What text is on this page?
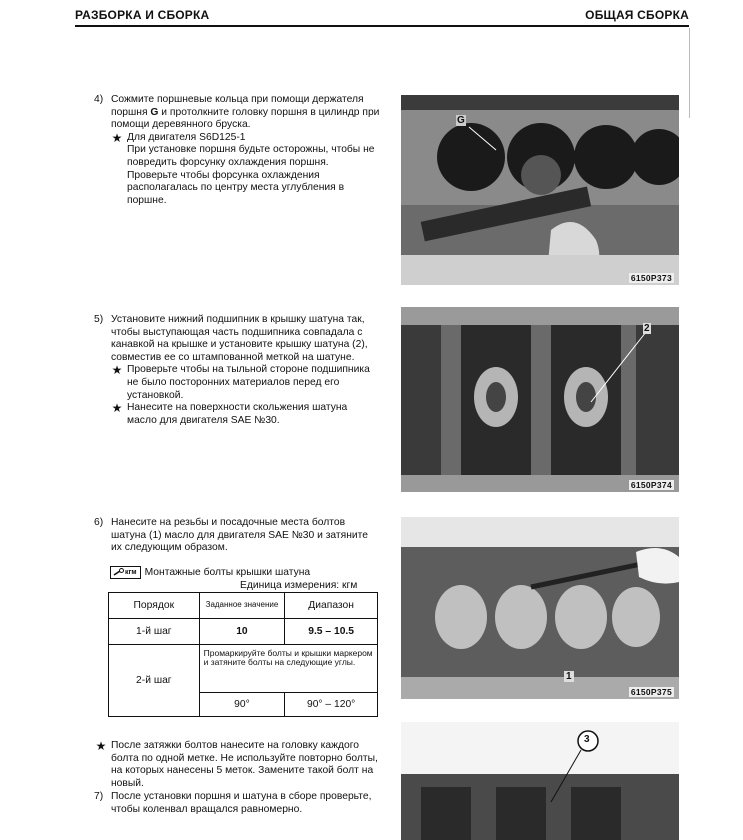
РАЗБОРКА И СБОРКА	ОБЩАЯ СБОРКА
4) Сожмите поршневые кольца при помощи держателя поршня G и протолкните головку поршня в цилиндр при помощи деревянного бруска.

★ Для двигателя S6D125-1

При установке поршня будьте осторожны, чтобы не повредить форсунку охлаждения поршня. Проверьте чтобы форсунка охлаждения располагалась по центру места углубления в поршне.

5) Установите нижний подшипник в крышку шатуна так, чтобы выступающая часть подшипника совпадала с канавкой на крышке и установите крышку шатуна (2), совместив ее со штампованной меткой на шатуне.

★ Проверьте чтобы на тыльной стороне подшипника не было посторонних материалов перед его установкой.

★ Нанесите на поверхности скольжения шатуна масло для двигателя SAE №30.

6) Нанесите на резьбы и посадочные места болтов шатуна (1) масло для двигателя SAE №30 и затяните их следующим образом.

кгм Монтажные болты крышки шатуна
Единица измерения: кгм
Порядок	Заданное значение	Диапазон
1-й шаг	10	9.5 – 10.5
2-й шаг	Промаркируйте болты и крышки маркером и затяните болты на следующие углы.	
	90°	90° – 120°
★ После затяжки болтов нанесите на головку каждого болта по одной метке. Не используйте повторно болты, на которых нанесены 5 меток. Замените такой болт на новый.

7) После установки поршня и шатуна в сборе проверьте, чтобы коленвал вращался равномерно.

G
6150P373
2
6150P374
1
6150P375
3
